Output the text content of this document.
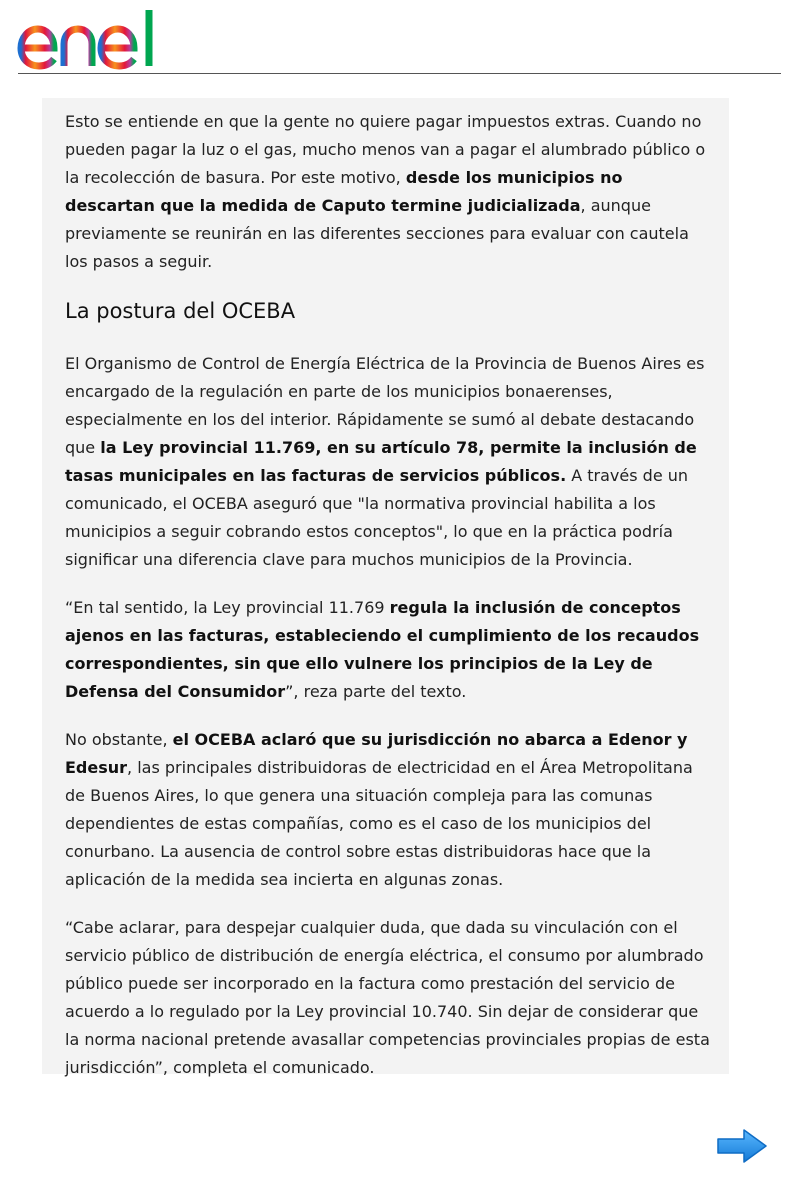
Esto se entiende en que la gente no quiere pagar impuestos extras. Cuando no pueden pagar la luz o el gas, mucho menos van a pagar el alumbrado público o la recolección de basura. Por este motivo, desde los municipios no descartan que la medida de Caputo termine judicializada, aunque previamente se reunirán en las diferentes secciones para evaluar con cautela los pasos a seguir.

La postura del OCEBA

El Organismo de Control de Energía Eléctrica de la Provincia de Buenos Aires es encargado de la regulación en parte de los municipios bonaerenses, especialmente en los del interior. Rápidamente se sumó al debate destacando que la Ley provincial 11.769, en su artículo 78, permite la inclusión de tasas municipales en las facturas de servicios públicos. A través de un comunicado, el OCEBA aseguró que "la normativa provincial habilita a los municipios a seguir cobrando estos conceptos", lo que en la práctica podría significar una diferencia clave para muchos municipios de la Provincia.

“En tal sentido, la Ley provincial 11.769 regula la inclusión de conceptos ajenos en las facturas, estableciendo el cumplimiento de los recaudos correspondientes, sin que ello vulnere los principios de la Ley de Defensa del Consumidor”, reza parte del texto.

No obstante, el OCEBA aclaró que su jurisdicción no abarca a Edenor y Edesur, las principales distribuidoras de electricidad en el Área Metropolitana de Buenos Aires, lo que genera una situación compleja para las comunas dependientes de estas compañías, como es el caso de los municipios del conurbano. La ausencia de control sobre estas distribuidoras hace que la aplicación de la medida sea incierta en algunas zonas.

“Cabe aclarar, para despejar cualquier duda, que dada su vinculación con el servicio público de distribución de energía eléctrica, el consumo por alumbrado público puede ser incorporado en la factura como prestación del servicio de acuerdo a lo regulado por la Ley provincial 10.740. Sin dejar de considerar que la norma nacional pretende avasallar competencias provinciales propias de esta jurisdicción”, completa el comunicado.
